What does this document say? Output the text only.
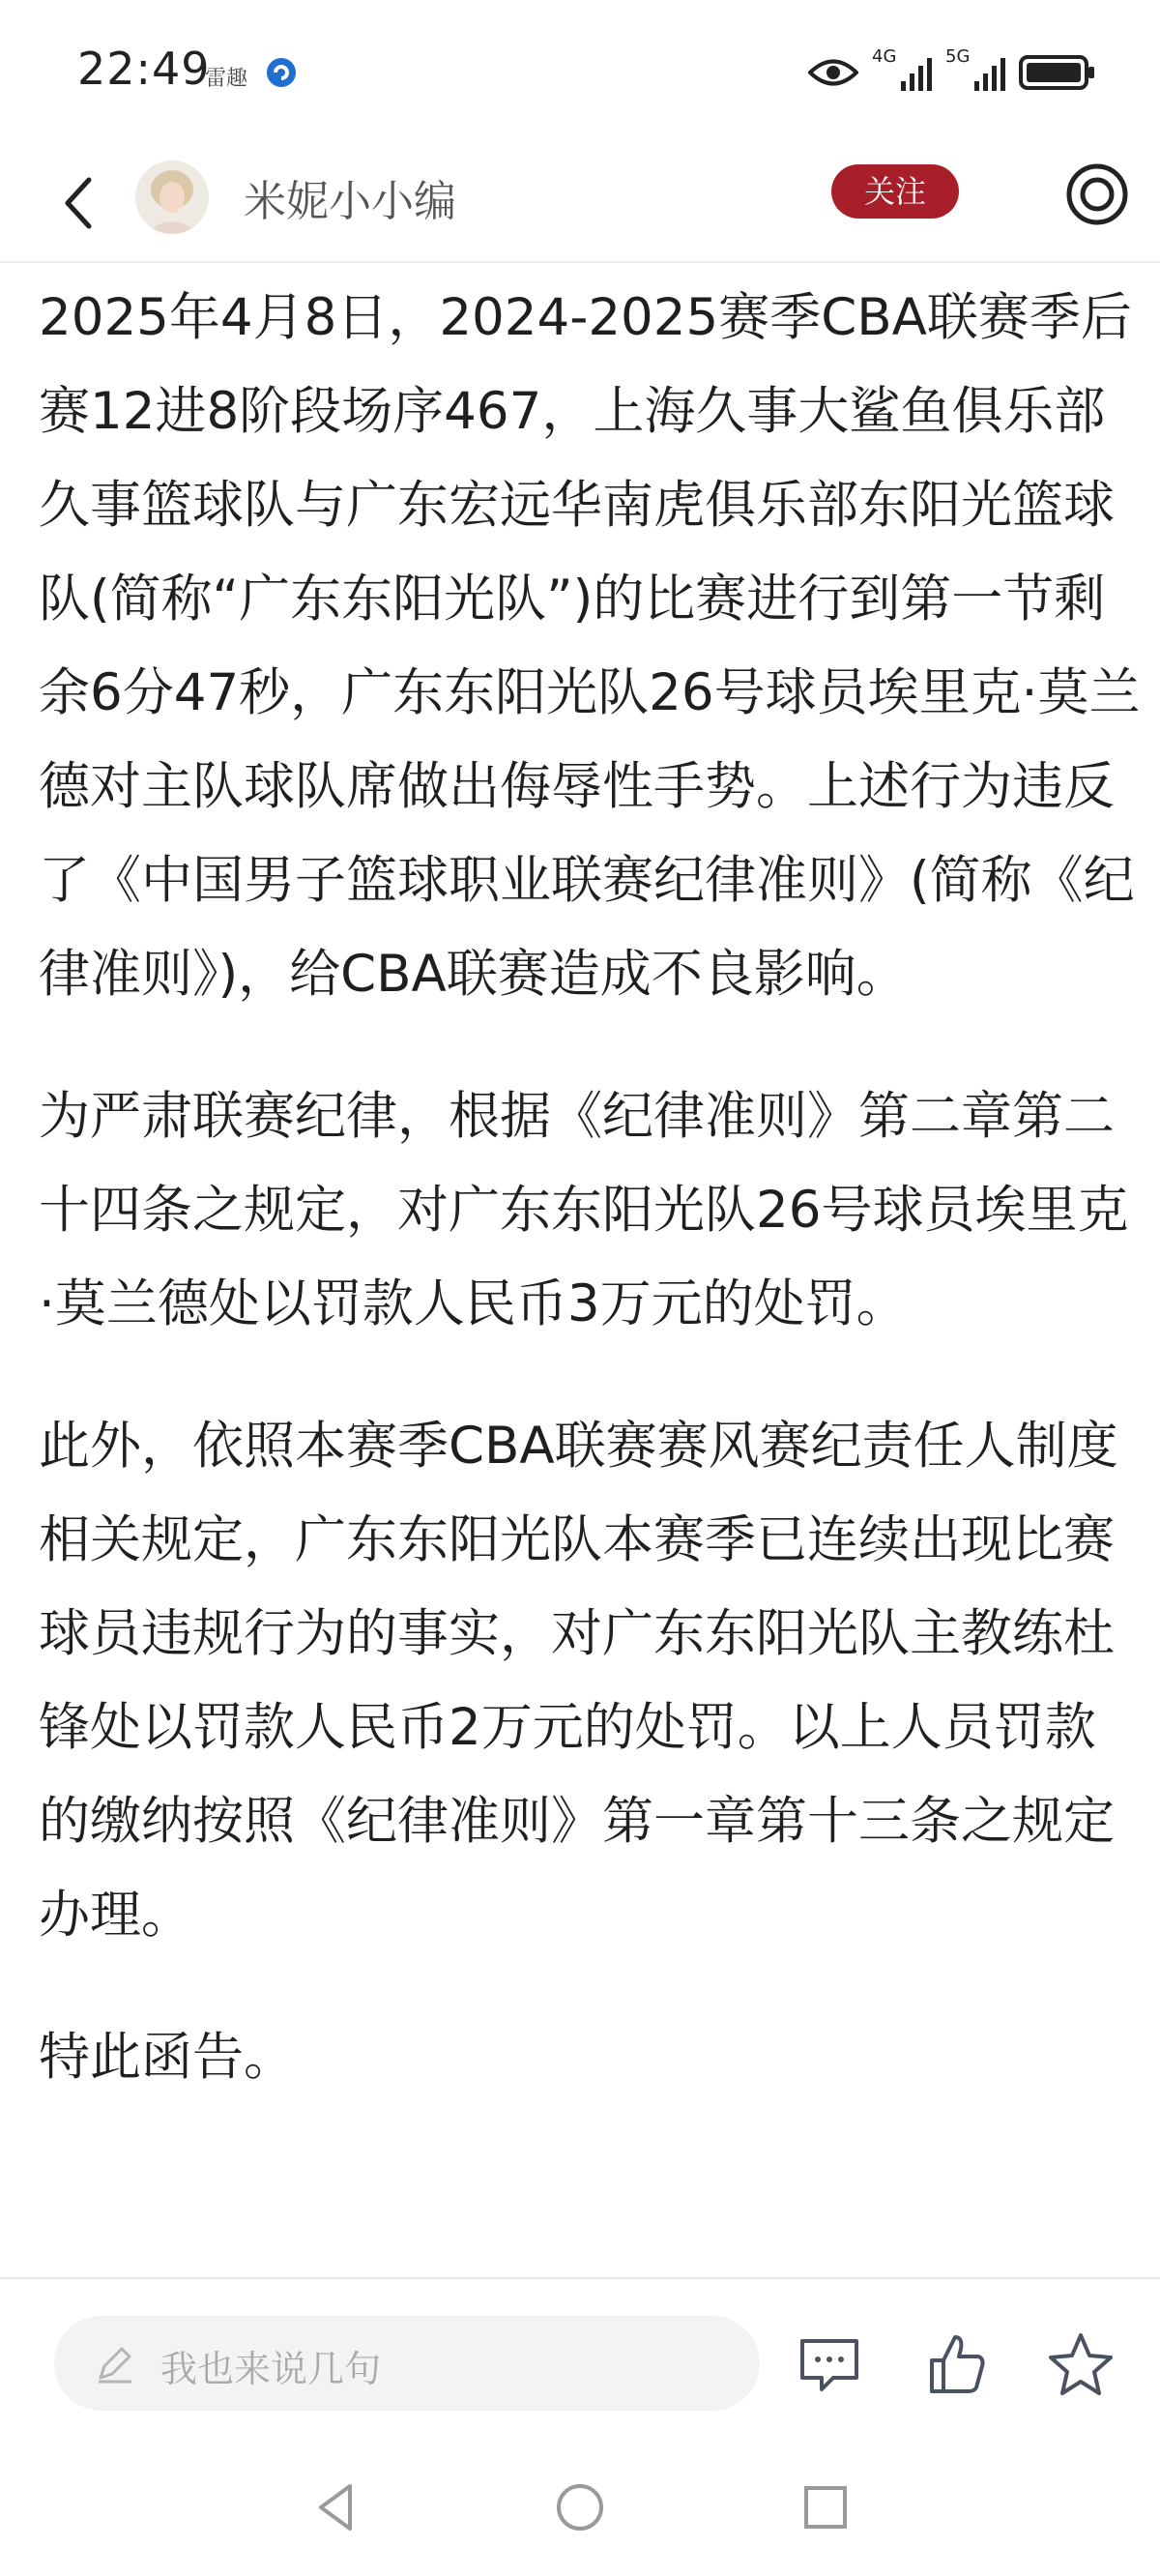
22:49
雷趣
4G	5G
米妮小小编	关注

2025年4月8日，2024-2025赛季CBA联赛季后赛12进8阶段场序467，上海久事大鲨鱼俱乐部久事篮球队与广东宏远华南虎俱乐部东阳光篮球队(简称“广东东阳光队”)的比赛进行到第一节剩余6分47秒，广东东阳光队26号球员埃里克·莫兰德对主队球队席做出侮辱性手势。上述行为违反了《中国男子篮球职业联赛纪律准则》(简称《纪律准则》)，给CBA联赛造成不良影响。

为严肃联赛纪律，根据《纪律准则》第二章第二十四条之规定，对广东东阳光队26号球员埃里克·莫兰德处以罚款人民币3万元的处罚。

此外，依照本赛季CBA联赛赛风赛纪责任人制度相关规定，广东东阳光队本赛季已连续出现比赛球员违规行为的事实，对广东东阳光队主教练杜锋处以罚款人民币2万元的处罚。以上人员罚款的缴纳按照《纪律准则》第一章第十三条之规定办理。

特此函告。

我也来说几句
